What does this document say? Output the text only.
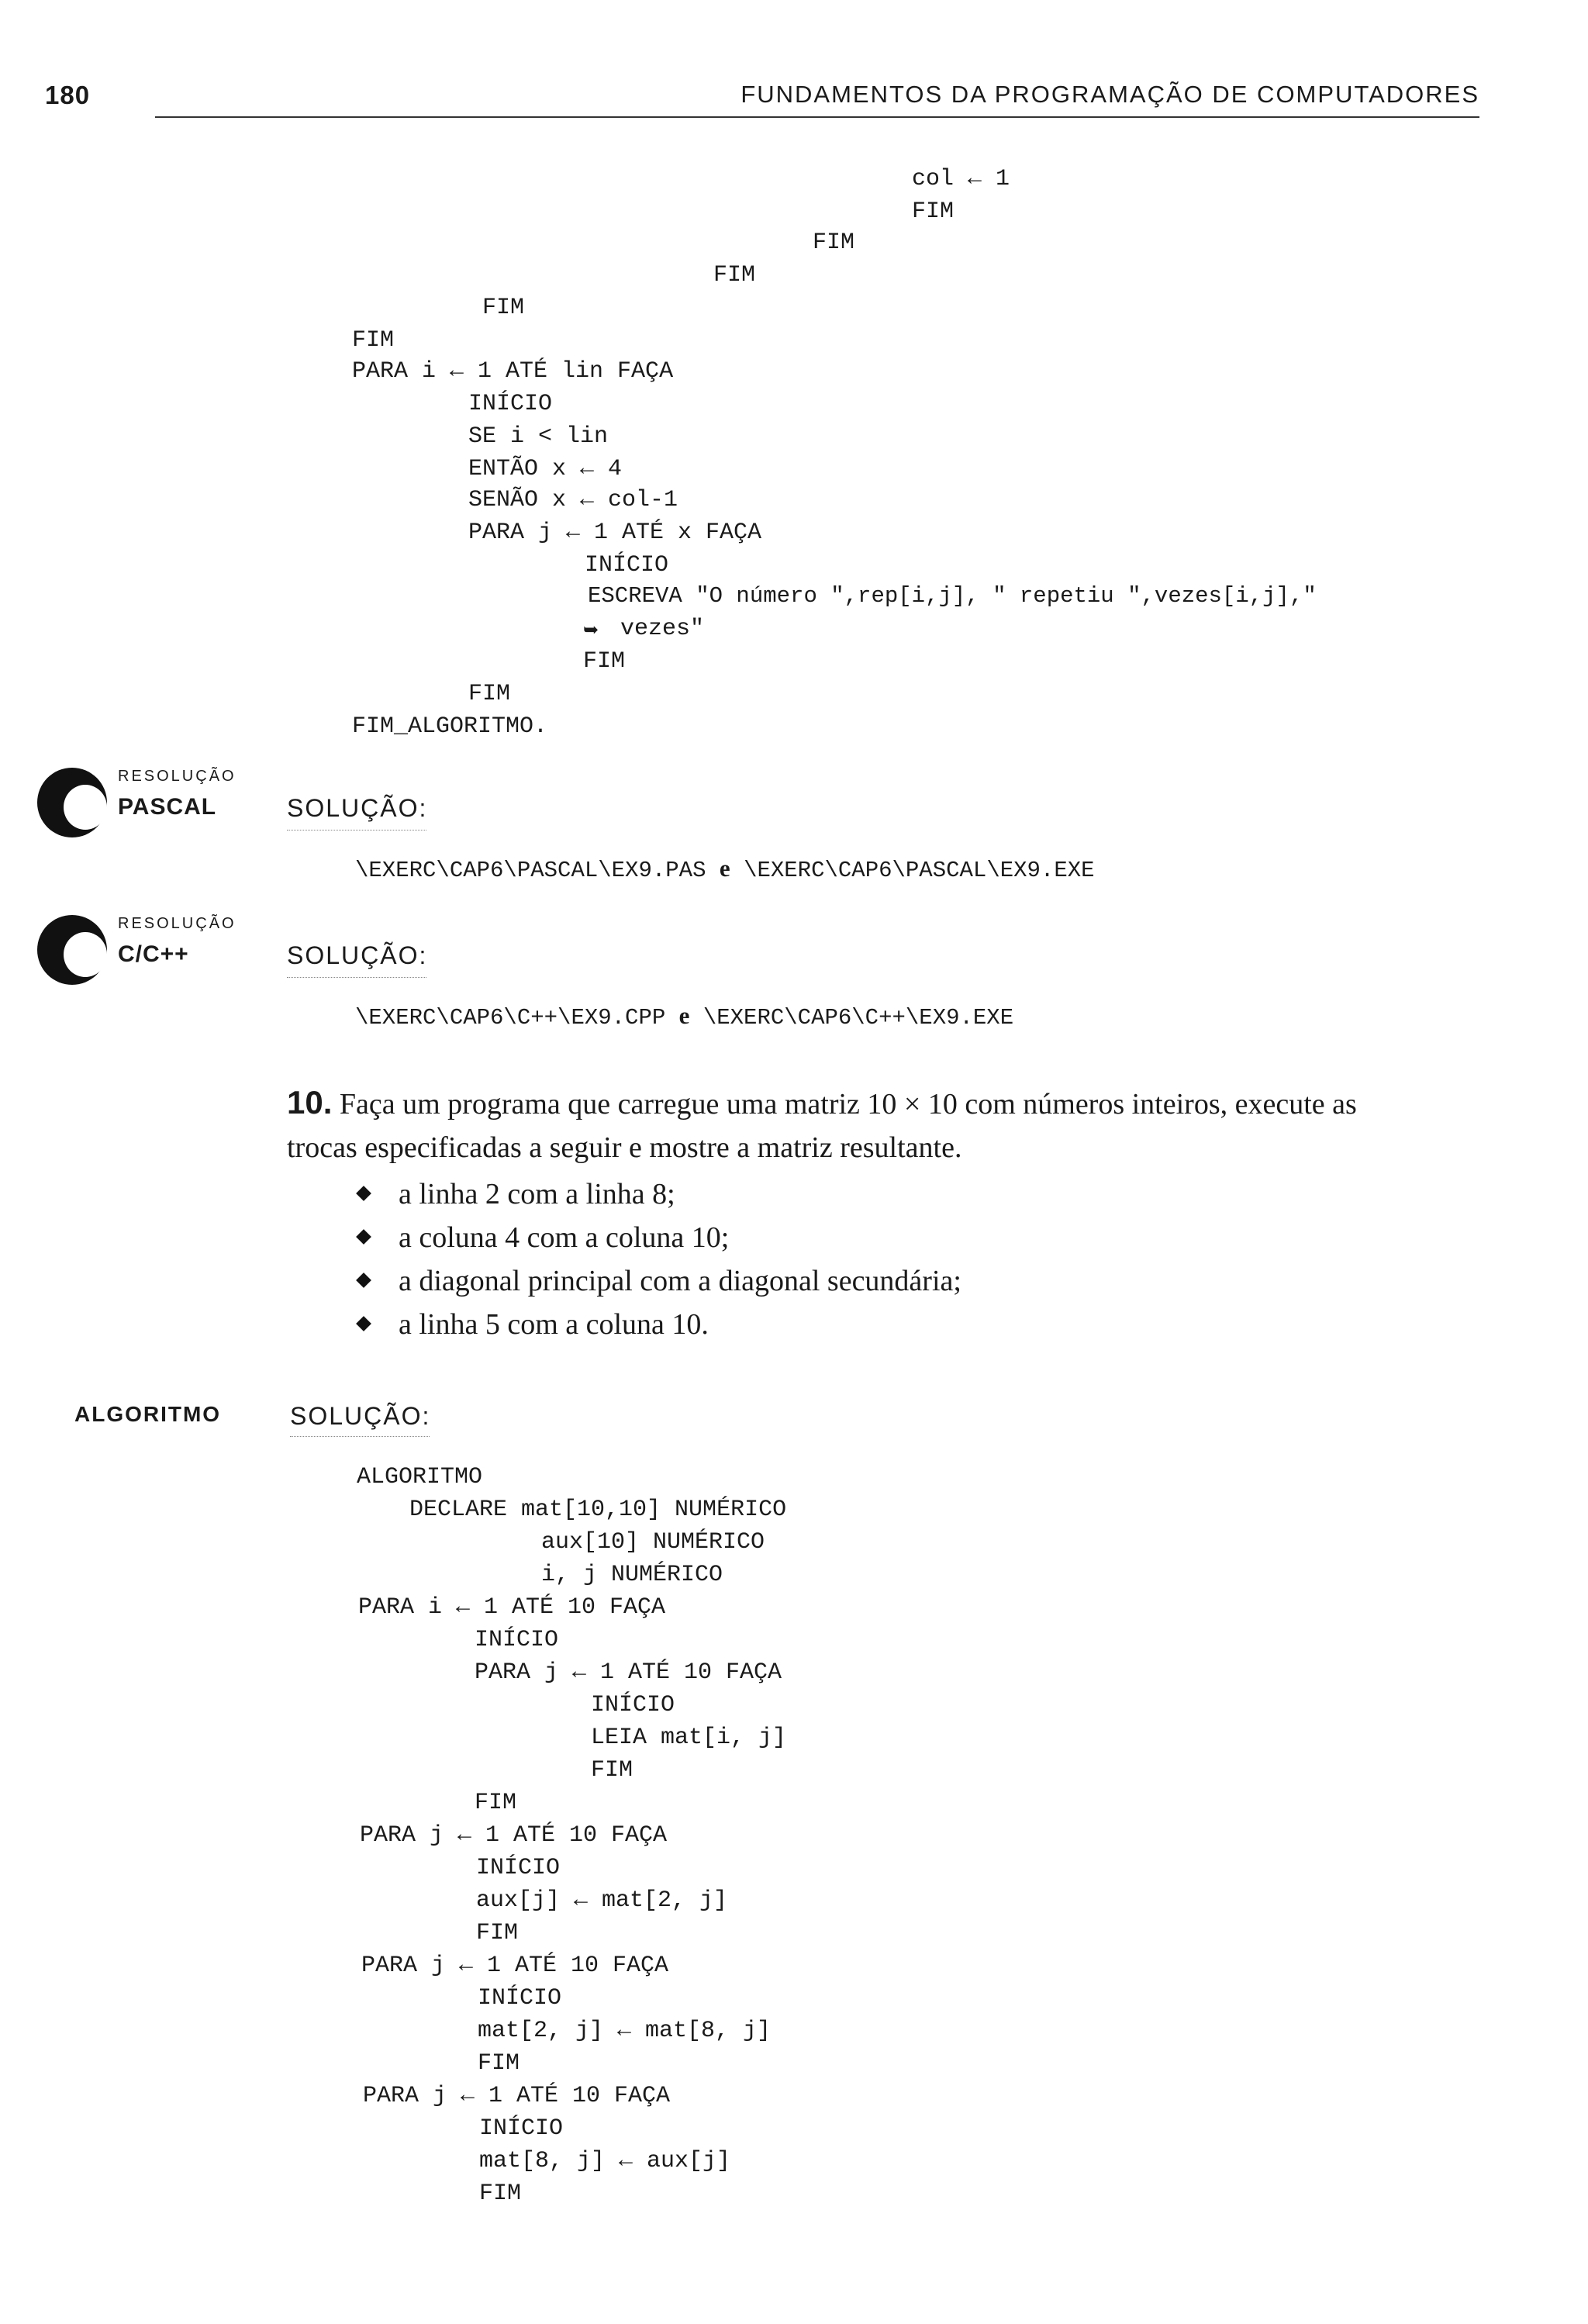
180	FUNDAMENTOS DA PROGRAMAÇÃO DE COMPUTADORES
col ← 1
FIM
FIM
FIM
FIM
FIM
PARA i ← 1 ATÉ lin FAÇA
INÍCIO
SE i < lin
ENTÃO x ← 4
SENÃO x ← col-1
PARA j ← 1 ATÉ x FAÇA
INÍCIO
ESCREVA "O número ",rep[i,j], " repetiu ",vezes[i,j],"
➥ vezes"
FIM
FIM
FIM_ALGORITMO.
RESOLUÇÃO
PASCAL	SOLUÇÃO:
\EXERC\CAP6\PASCAL\EX9.PAS e \EXERC\CAP6\PASCAL\EX9.EXE
RESOLUÇÃO
C/C++	SOLUÇÃO:
\EXERC\CAP6\C++\EX9.CPP e \EXERC\CAP6\C++\EX9.EXE
10. Faça um programa que carregue uma matriz 10 × 10 com números inteiros, execute as
trocas especificadas a seguir e mostre a matriz resultante.
a linha 2 com a linha 8;
a coluna 4 com a coluna 10;
a diagonal principal com a diagonal secundária;
a linha 5 com a coluna 10.
ALGORITMO	SOLUÇÃO:
ALGORITMO
DECLARE mat[10,10] NUMÉRICO
aux[10] NUMÉRICO
i, j NUMÉRICO
PARA i ← 1 ATÉ 10 FAÇA
INÍCIO
PARA j ← 1 ATÉ 10 FAÇA
INÍCIO
LEIA mat[i, j]
FIM
FIM
PARA j ← 1 ATÉ 10 FAÇA
INÍCIO
aux[j] ← mat[2, j]
FIM
PARA j ← 1 ATÉ 10 FAÇA
INÍCIO
mat[2, j] ← mat[8, j]
FIM
PARA j ← 1 ATÉ 10 FAÇA
INÍCIO
mat[8, j] ← aux[j]
FIM
